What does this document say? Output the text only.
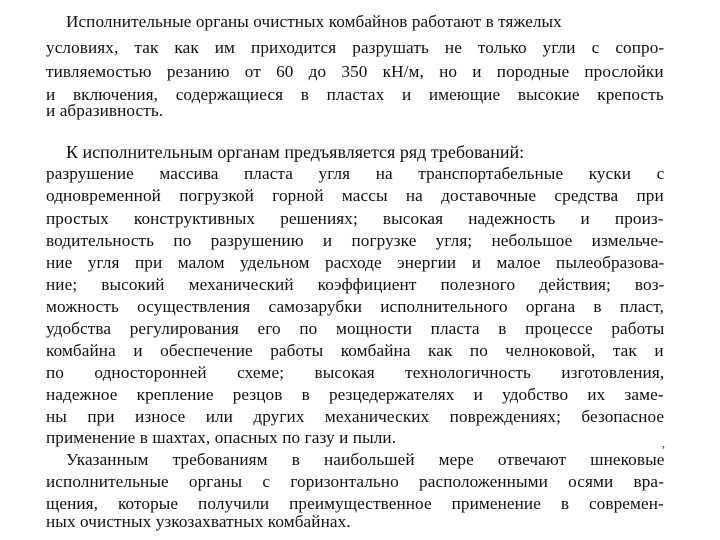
Исполнительные органы очистных комбайнов работают в тяжелых
условиях, так как им приходится разрушать не только угли с сопро-
тивляемостью резанию от 60 до 350 кН/м, но и породные прослойки
и включения, содержащиеся в пластах и имеющие высокие крепость
и абразивность.
К исполнительным органам предъявляется ряд требований:
разрушение массива пласта угля на транспортабельные куски с
одновременной погрузкой горной массы на доставочные средства при
простых конструктивных решениях; высокая надежность и произ-
водительность по разрушению и погрузке угля; небольшое измельче-
ние угля при малом удельном расходе энергии и малое пылеобразова-
ние; высокий механический коэффициент полезного действия; воз-
можность осуществления самозарубки исполнительного органа в пласт,
удобства регулирования его по мощности пласта в процессе работы
комбайна и обеспечение работы комбайна как по челноковой, так и
по односторонней схеме; высокая технологичность изготовления,
надежное крепление резцов в резцедержателях и удобство их заме-
ны при износе или других механических повреждениях; безопасное
применение в шахтах, опасных по газу и пыли.	,
Указанным требованиям в наибольшей мере отвечают шнековые
исполнительные органы с горизонтально расположенными осями вра-
щения, которые получили преимущественное применение в современ-
ных очистных узкозахватных комбайнах.
